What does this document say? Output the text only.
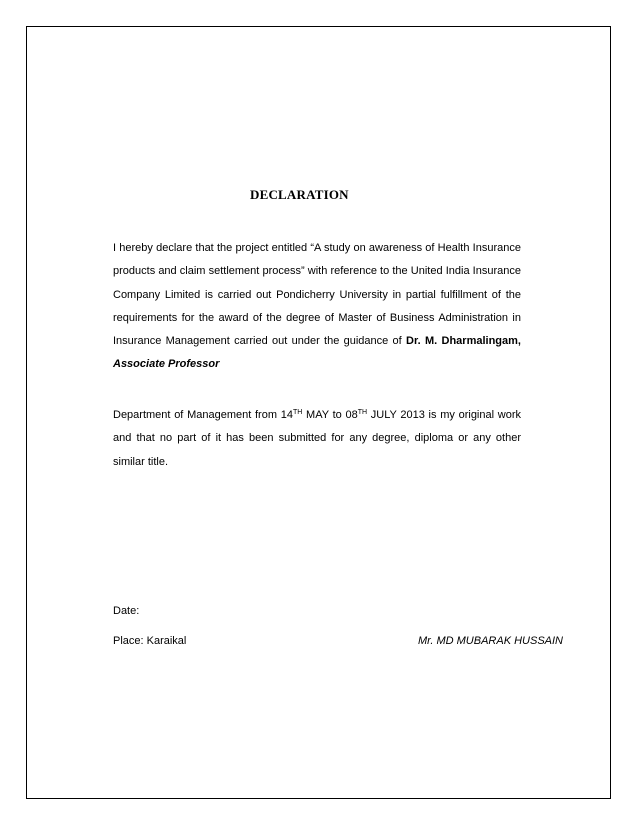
DECLARATION

I hereby declare that the project entitled “A study on awareness of Health Insurance products and claim settlement process” with reference to the United India Insurance Company Limited is carried out Pondicherry University in partial fulfillment of the requirements for the award of the degree of Master of Business Administration in Insurance Management carried out under the guidance of Dr. M. Dharmalingam, Associate Professor

Department of Management from 14TH MAY to 08TH JULY 2013 is my original work and that no part of it has been submitted for any degree, diploma or any other similar title.

Date:

Place: Karaikal	Mr. MD MUBARAK HUSSAIN
